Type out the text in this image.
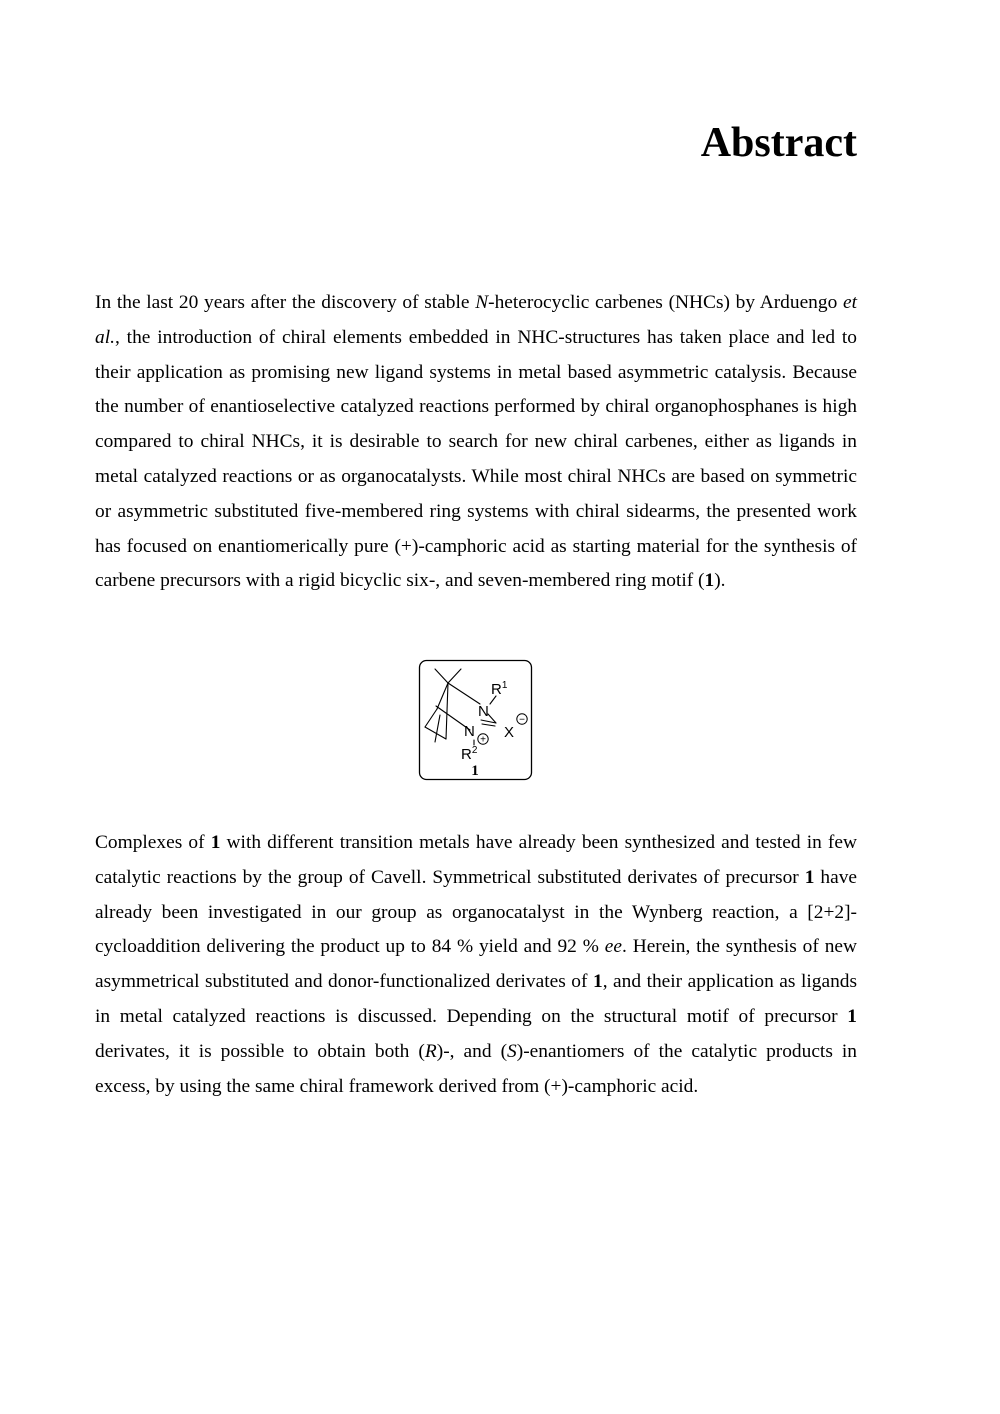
Abstract

In the last 20 years after the discovery of stable N-heterocyclic carbenes (NHCs) by Arduengo et al., the introduction of chiral elements embedded in NHC-structures has taken place and led to their application as promising new ligand systems in metal based asymmetric catalysis. Because the number of enantioselective catalyzed reactions performed by chiral organophosphanes is high compared to chiral NHCs, it is desirable to search for new chiral carbenes, either as ligands in metal catalyzed reactions or as organocatalysts. While most chiral NHCs are based on symmetric or asymmetric substituted five-membered ring systems with chiral sidearms, the presented work has focused on enantiomerically pure (+)-camphoric acid as starting material for the synthesis of carbene precursors with a rigid bicyclic six-, and seven-membered ring motif (1).

N
N
$R^1$
$R^2$
X
+
−
1

Complexes of 1 with different transition metals have already been synthesized and tested in few catalytic reactions by the group of Cavell. Symmetrical substituted derivates of precursor 1 have already been investigated in our group as organocatalyst in the Wynberg reaction, a [2+2]-cycloaddition delivering the product up to 84 % yield and 92 % ee. Herein, the synthesis of new asymmetrical substituted and donor-functionalized derivates of 1, and their application as ligands in metal catalyzed reactions is discussed. Depending on the structural motif of precursor 1 derivates, it is possible to obtain both (R)-, and (S)-enantiomers of the catalytic products in excess, by using the same chiral framework derived from (+)-camphoric acid.
